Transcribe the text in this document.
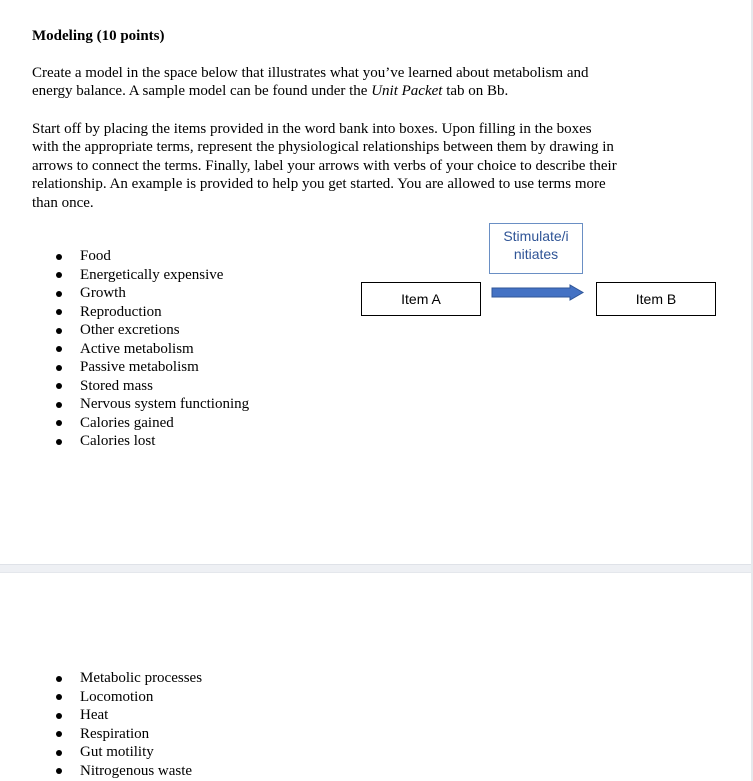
Modeling (10 points)
Create a model in the space below that illustrates what you’ve learned about metabolism and
energy balance. A sample model can be found under the Unit Packet tab on Bb.
Start off by placing the items provided in the word bank into boxes. Upon filling in the boxes
with the appropriate terms, represent the physiological relationships between them by drawing in
arrows to connect the terms. Finally, label your arrows with verbs of your choice to describe their
relationship. An example is provided to help you get started. You are allowed to use terms more
than once.
Food
Energetically expensive
Growth
Reproduction
Other excretions
Active metabolism
Passive metabolism
Stored mass
Nervous system functioning
Calories gained
Calories lost
Stimulate/i
nitiates
Item A	Item B
Metabolic processes
Locomotion
Heat
Respiration
Gut motility
Nitrogenous waste
